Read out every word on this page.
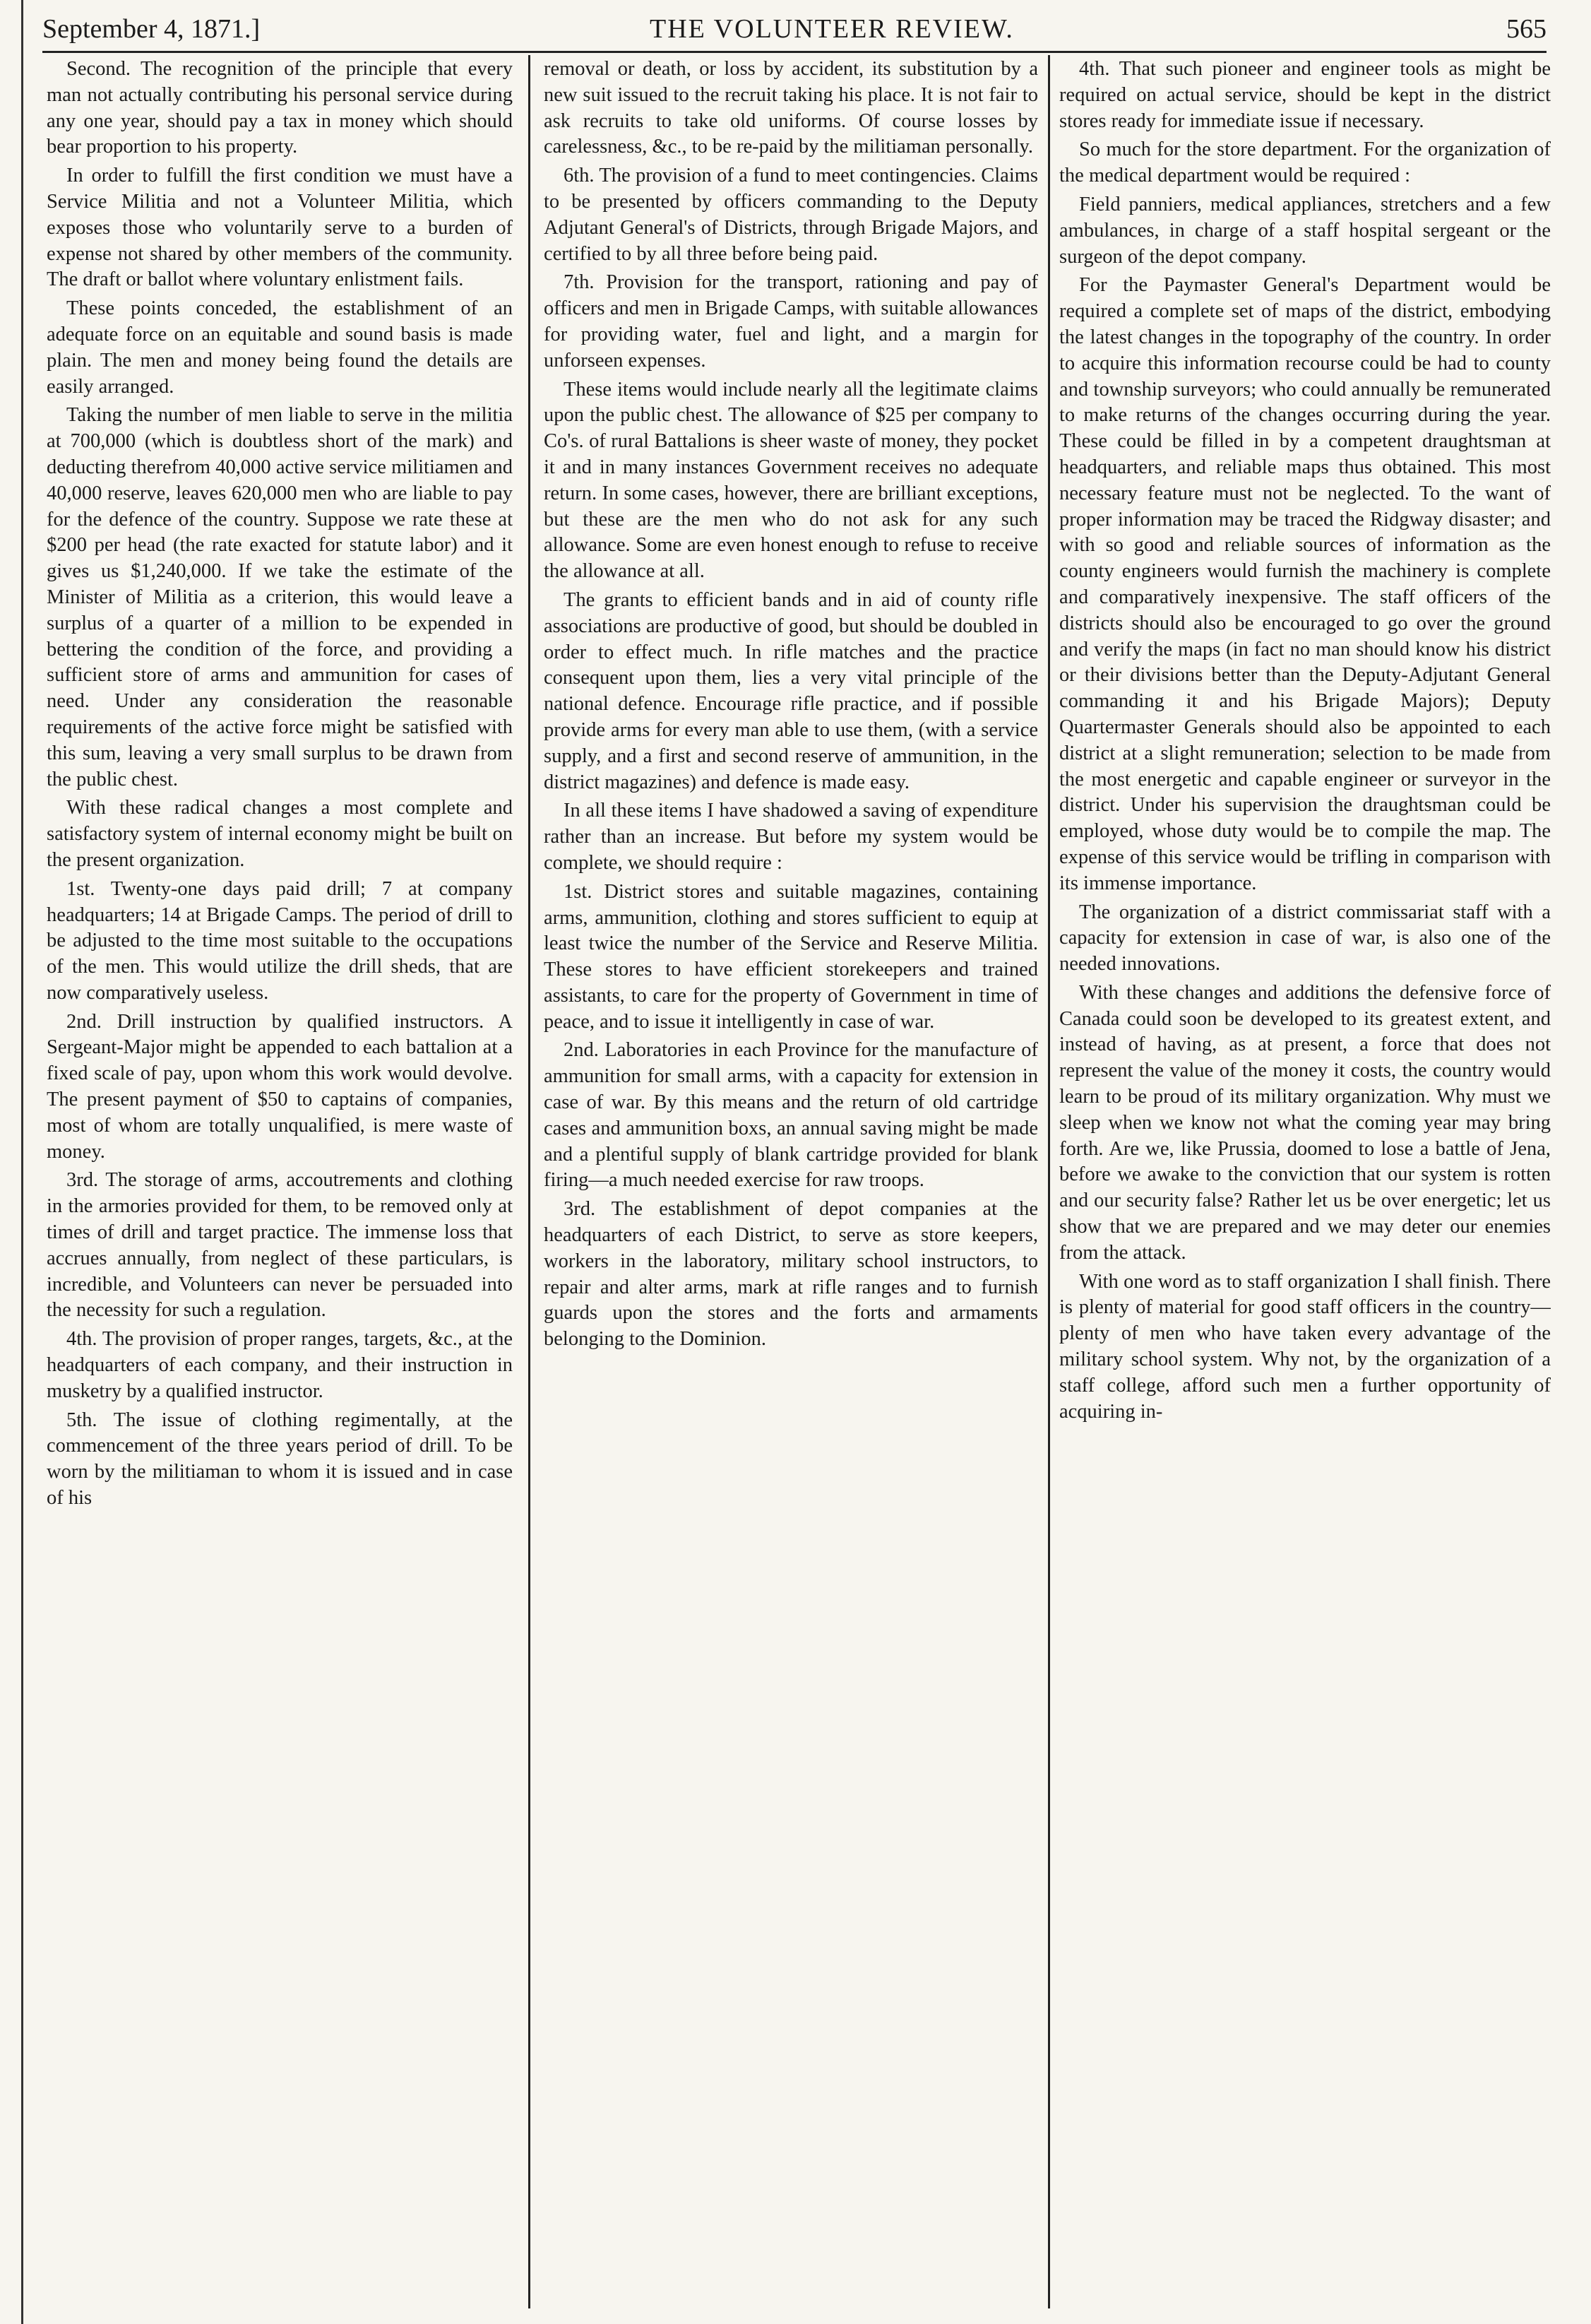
September 4, 1871.]	THE VOLUNTEER REVIEW.	565

Second. The recognition of the principle that every man not actually contributing his personal service during any one year, should pay a tax in money which should bear proportion to his property.

In order to fulfill the first condition we must have a Service Militia and not a Volunteer Militia, which exposes those who voluntarily serve to a burden of expense not shared by other members of the community. The draft or ballot where voluntary enlistment fails.

These points conceded, the establishment of an adequate force on an equitable and sound basis is made plain. The men and money being found the details are easily arranged.

Taking the number of men liable to serve in the militia at 700,000 (which is doubtless short of the mark) and deducting therefrom 40,000 active service militiamen and 40,000 reserve, leaves 620,000 men who are liable to pay for the defence of the country. Suppose we rate these at $200 per head (the rate exacted for statute labor) and it gives us $1,240,000. If we take the estimate of the Minister of Militia as a criterion, this would leave a surplus of a quarter of a million to be expended in bettering the condition of the force, and providing a sufficient store of arms and ammunition for cases of need. Under any consideration the reasonable requirements of the active force might be satisfied with this sum, leaving a very small surplus to be drawn from the public chest.

With these radical changes a most complete and satisfactory system of internal economy might be built on the present organization.

1st. Twenty-one days paid drill; 7 at company headquarters; 14 at Brigade Camps. The period of drill to be adjusted to the time most suitable to the occupations of the men. This would utilize the drill sheds, that are now comparatively useless.

2nd. Drill instruction by qualified instructors. A Sergeant-Major might be appended to each battalion at a fixed scale of pay, upon whom this work would devolve. The present payment of $50 to captains of companies, most of whom are totally unqualified, is mere waste of money.

3rd. The storage of arms, accoutrements and clothing in the armories provided for them, to be removed only at times of drill and target practice. The immense loss that accrues annually, from neglect of these particulars, is incredible, and Volunteers can never be persuaded into the necessity for such a regulation.

4th. The provision of proper ranges, targets, &c., at the headquarters of each company, and their instruction in musketry by a qualified instructor.

5th. The issue of clothing regimentally, at the commencement of the three years period of drill. To be worn by the militiaman to whom it is issued and in case of his

removal or death, or loss by accident, its substitution by a new suit issued to the recruit taking his place. It is not fair to ask recruits to take old uniforms. Of course losses by carelessness, &c., to be re-paid by the militiaman personally.

6th. The provision of a fund to meet contingencies. Claims to be presented by officers commanding to the Deputy Adjutant General's of Districts, through Brigade Majors, and certified to by all three before being paid.

7th. Provision for the transport, rationing and pay of officers and men in Brigade Camps, with suitable allowances for providing water, fuel and light, and a margin for unforseen expenses.

These items would include nearly all the legitimate claims upon the public chest. The allowance of $25 per company to Co's. of rural Battalions is sheer waste of money, they pocket it and in many instances Government receives no adequate return. In some cases, however, there are brilliant exceptions, but these are the men who do not ask for any such allowance. Some are even honest enough to refuse to receive the allowance at all.

The grants to efficient bands and in aid of county rifle associations are productive of good, but should be doubled in order to effect much. In rifle matches and the practice consequent upon them, lies a very vital principle of the national defence. Encourage rifle practice, and if possible provide arms for every man able to use them, (with a service supply, and a first and second reserve of ammunition, in the district magazines) and defence is made easy.

In all these items I have shadowed a saving of expenditure rather than an increase. But before my system would be complete, we should require :

1st. District stores and suitable magazines, containing arms, ammunition, clothing and stores sufficient to equip at least twice the number of the Service and Reserve Militia. These stores to have efficient storekeepers and trained assistants, to care for the property of Government in time of peace, and to issue it intelligently in case of war.

2nd. Laboratories in each Province for the manufacture of ammunition for small arms, with a capacity for extension in case of war. By this means and the return of old cartridge cases and ammunition boxs, an annual saving might be made and a plentiful supply of blank cartridge provided for blank firing—a much needed exercise for raw troops.

3rd. The establishment of depot companies at the headquarters of each District, to serve as store keepers, workers in the laboratory, military school instructors, to repair and alter arms, mark at rifle ranges and to furnish guards upon the stores and the forts and armaments belonging to the Dominion.

4th. That such pioneer and engineer tools as might be required on actual service, should be kept in the district stores ready for immediate issue if necessary.

So much for the store department. For the organization of the medical department would be required :

Field panniers, medical appliances, stretchers and a few ambulances, in charge of a staff hospital sergeant or the surgeon of the depot company.

For the Paymaster General's Department would be required a complete set of maps of the district, embodying the latest changes in the topography of the country. In order to acquire this information recourse could be had to county and township surveyors; who could annually be remunerated to make returns of the changes occurring during the year. These could be filled in by a competent draughtsman at headquarters, and reliable maps thus obtained. This most necessary feature must not be neglected. To the want of proper information may be traced the Ridgway disaster; and with so good and reliable sources of information as the county engineers would furnish the machinery is complete and comparatively inexpensive. The staff officers of the districts should also be encouraged to go over the ground and verify the maps (in fact no man should know his district or their divisions better than the Deputy-Adjutant General commanding it and his Brigade Majors); Deputy Quartermaster Generals should also be appointed to each district at a slight remuneration; selection to be made from the most energetic and capable engineer or surveyor in the district. Under his supervision the draughtsman could be employed, whose duty would be to compile the map. The expense of this service would be trifling in comparison with its immense importance.

The organization of a district commissariat staff with a capacity for extension in case of war, is also one of the needed innovations.

With these changes and additions the defensive force of Canada could soon be developed to its greatest extent, and instead of having, as at present, a force that does not represent the value of the money it costs, the country would learn to be proud of its military organization. Why must we sleep when we know not what the coming year may bring forth. Are we, like Prussia, doomed to lose a battle of Jena, before we awake to the conviction that our system is rotten and our security false? Rather let us be over energetic; let us show that we are prepared and we may deter our enemies from the attack.

With one word as to staff organization I shall finish. There is plenty of material for good staff officers in the country—plenty of men who have taken every advantage of the military school system. Why not, by the organization of a staff college, afford such men a further opportunity of acquiring in-
